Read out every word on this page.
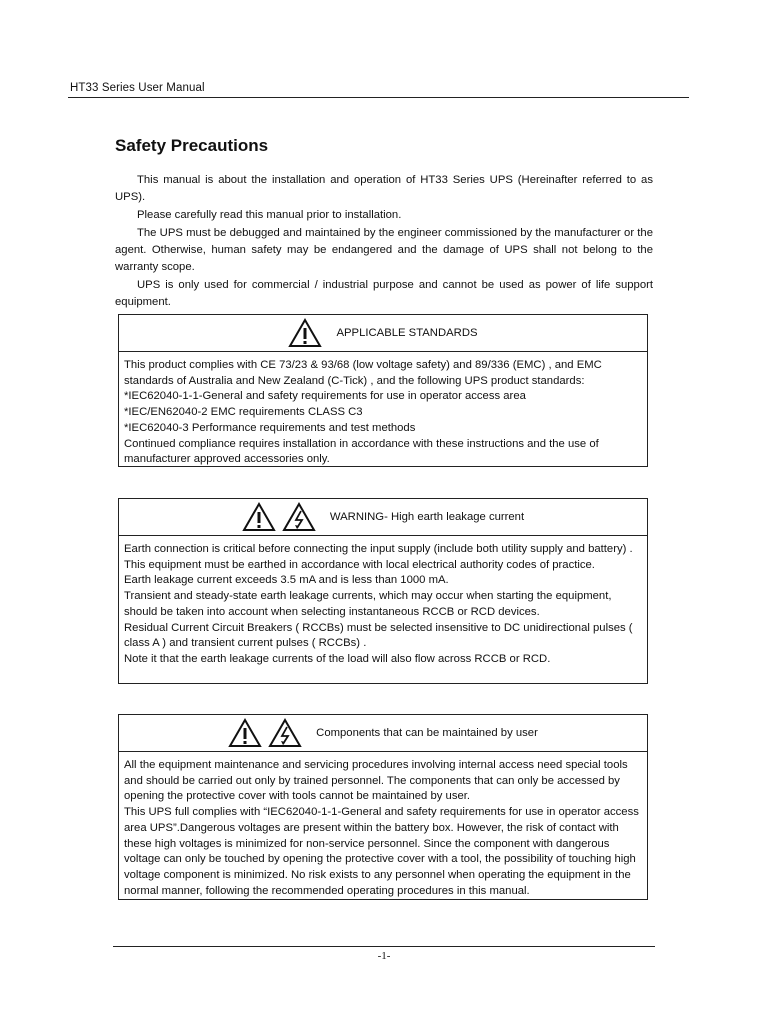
HT33 Series User Manual
Safety Precautions

This manual is about the installation and operation of HT33 Series UPS (Hereinafter referred to as UPS).

Please carefully read this manual prior to installation.

The UPS must be debugged and maintained by the engineer commissioned by the manufacturer or the agent. Otherwise, human safety may be endangered and the damage of UPS shall not belong to the warranty scope.

UPS is only used for commercial / industrial purpose and cannot be used as power of life support equipment.

APPLICABLE STANDARDS
This product complies with CE 73/23 & 93/68 (low voltage safety) and 89/336 (EMC) , and EMC standards of Australia and New Zealand (C-Tick) , and the following UPS product standards:
*IEC62040-1-1-General and safety requirements for use in operator access area
*IEC/EN62040-2 EMC requirements CLASS C3
*IEC62040-3 Performance requirements and test methods
Continued compliance requires installation in accordance with these instructions and the use of manufacturer approved accessories only.
WARNING- High earth leakage current
Earth connection is critical before connecting the input supply (include both utility supply and battery) . This equipment must be earthed in accordance with local electrical authority codes of practice.
Earth leakage current exceeds 3.5 mA and is less than 1000 mA.
Transient and steady-state earth leakage currents, which may occur when starting the equipment, should be taken into account when selecting instantaneous RCCB or RCD devices.
Residual Current Circuit Breakers ( RCCBs) must be selected insensitive to DC unidirectional pulses ( class A ) and transient current pulses ( RCCBs) .
Note it that the earth leakage currents of the load will also flow across RCCB or RCD.
Components that can be maintained by user
All the equipment maintenance and servicing procedures involving internal access need special tools and should be carried out only by trained personnel. The components that can only be accessed by opening the protective cover with tools cannot be maintained by user.
This UPS full complies with “IEC62040-1-1-General and safety requirements for use in operator access area UPS”.Dangerous voltages are present within the battery box. However, the risk of contact with these high voltages is minimized for non-service personnel. Since the component with dangerous voltage can only be touched by opening the protective cover with a tool, the possibility of touching high voltage component is minimized. No risk exists to any personnel when operating the equipment in the normal manner, following the recommended operating procedures in this manual.
-1-
